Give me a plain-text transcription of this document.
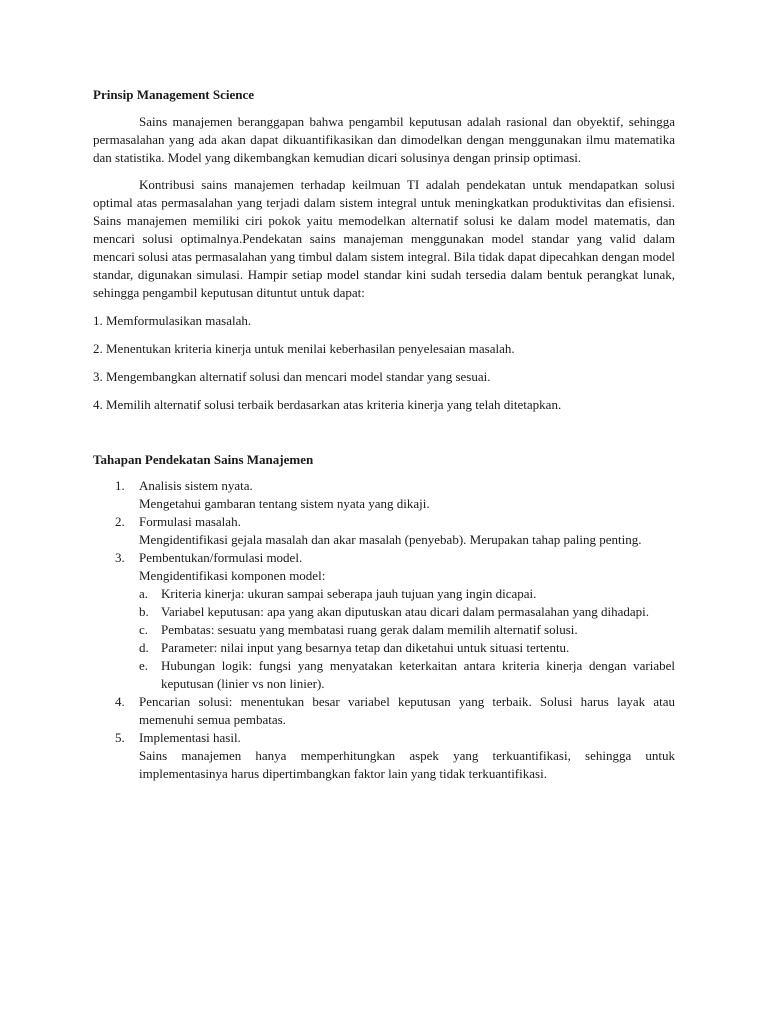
Prinsip Management Science

Sains manajemen beranggapan bahwa pengambil keputusan adalah rasional dan obyektif, sehingga permasalahan yang ada akan dapat dikuantifikasikan dan dimodelkan dengan menggunakan ilmu matematika dan statistika. Model yang dikembangkan kemudian dicari solusinya dengan prinsip optimasi.

Kontribusi sains manajemen terhadap keilmuan TI adalah pendekatan untuk mendapatkan solusi optimal atas permasalahan yang terjadi dalam sistem integral untuk meningkatkan produktivitas dan efisiensi. Sains manajemen memiliki ciri pokok yaitu memodelkan alternatif solusi ke dalam model matematis, dan mencari solusi optimalnya.Pendekatan sains manajeman menggunakan model standar yang valid dalam mencari solusi atas permasalahan yang timbul dalam sistem integral. Bila tidak dapat dipecahkan dengan model standar, digunakan simulasi. Hampir setiap model standar kini sudah tersedia dalam bentuk perangkat lunak, sehingga pengambil keputusan dituntut untuk dapat:

1. Memformulasikan masalah.

2. Menentukan kriteria kinerja untuk menilai keberhasilan penyelesaian masalah.

3. Mengembangkan alternatif solusi dan mencari model standar yang sesuai.

4. Memilih alternatif solusi terbaik berdasarkan atas kriteria kinerja yang telah ditetapkan.

Tahapan Pendekatan Sains Manajemen

1. Analisis sistem nyata.
Mengetahui gambaran tentang sistem nyata yang dikaji.
2. Formulasi masalah.
Mengidentifikasi gejala masalah dan akar masalah (penyebab). Merupakan tahap paling penting.
3. Pembentukan/formulasi model.
Mengidentifikasi komponen model:
a. Kriteria kinerja: ukuran sampai seberapa jauh tujuan yang ingin dicapai.
b. Variabel keputusan: apa yang akan diputuskan atau dicari dalam permasalahan yang dihadapi.
c. Pembatas: sesuatu yang membatasi ruang gerak dalam memilih alternatif solusi.
d. Parameter: nilai input yang besarnya tetap dan diketahui untuk situasi tertentu.
e. Hubungan logik: fungsi yang menyatakan keterkaitan antara kriteria kinerja dengan variabel keputusan (linier vs non linier).
4. Pencarian solusi: menentukan besar variabel keputusan yang terbaik. Solusi harus layak atau memenuhi semua pembatas.
5. Implementasi hasil.
Sains manajemen hanya memperhitungkan aspek yang terkuantifikasi, sehingga untuk implementasinya harus dipertimbangkan faktor lain yang tidak terkuantifikasi.
